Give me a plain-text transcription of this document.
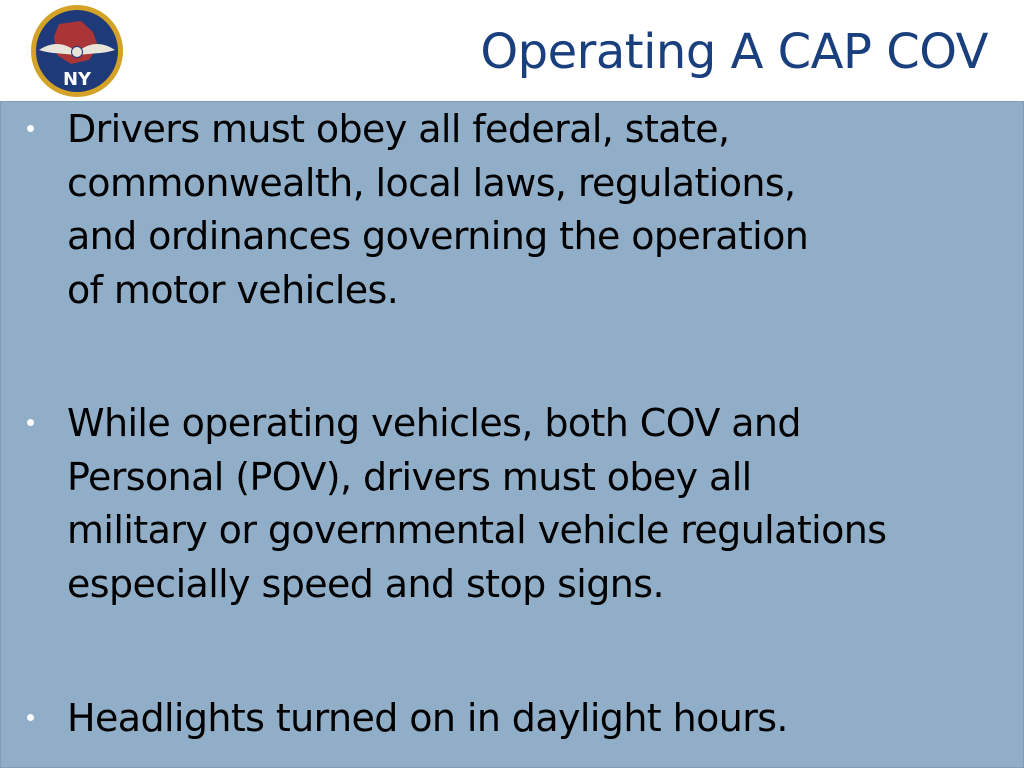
NY	Operating A CAP COV

Drivers must obey all federal, state,
commonwealth, local laws, regulations,
and ordinances governing the operation
of motor vehicles.

While operating vehicles, both COV and
Personal (POV), drivers must obey all
military or governmental vehicle regulations
especially speed and stop signs.

Headlights turned on in daylight hours.
